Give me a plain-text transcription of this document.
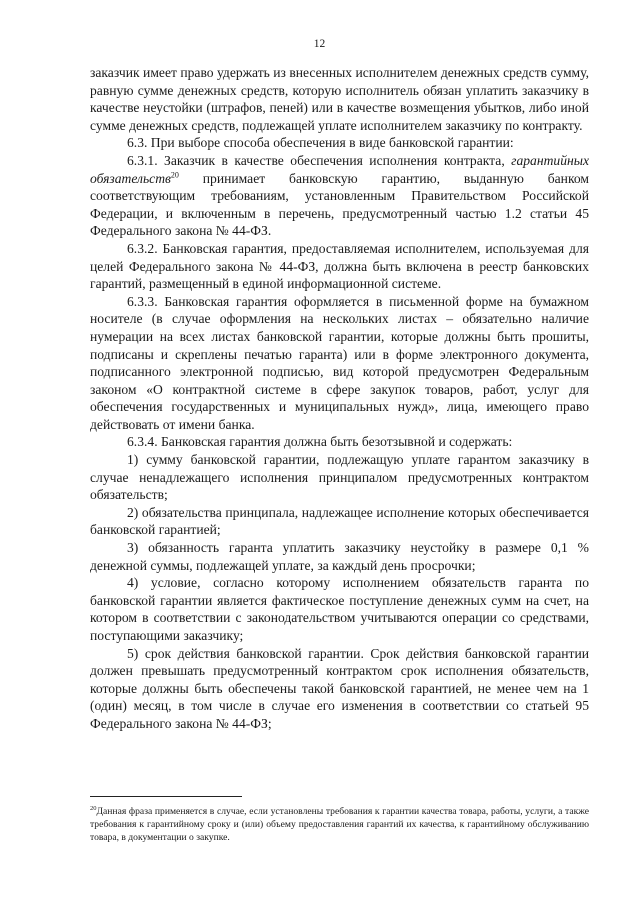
12

заказчик имеет право удержать из внесенных исполнителем денежных средств сумму, равную сумме денежных средств, которую исполнитель обязан уплатить заказчику в качестве неустойки (штрафов, пеней) или в качестве возмещения убытков, либо иной сумме денежных средств, подлежащей уплате исполнителем заказчику по контракту.

6.3. При выборе способа обеспечения в виде банковской гарантии:

6.3.1. Заказчик в качестве обеспечения исполнения контракта, гарантийных обязательств$^{20}$ принимает банковскую гарантию, выданную банком соответствующим требованиям, установленным Правительством Российской Федерации, и включенным в перечень, предусмотренный частью 1.2 статьи 45 Федерального закона № 44-ФЗ.

6.3.2. Банковская гарантия, предоставляемая исполнителем, используемая для целей Федерального закона № 44-ФЗ, должна быть включена в реестр банковских гарантий, размещенный в единой информационной системе.

6.3.3. Банковская гарантия оформляется в письменной форме на бумажном носителе (в случае оформления на нескольких листах – обязательно наличие нумерации на всех листах банковской гарантии, которые должны быть прошиты, подписаны и скреплены печатью гаранта) или в форме электронного документа, подписанного электронной подписью, вид которой предусмотрен Федеральным законом «О контрактной системе в сфере закупок товаров, работ, услуг для обеспечения государственных и муниципальных нужд», лица, имеющего право действовать от имени банка.

6.3.4. Банковская гарантия должна быть безотзывной и содержать:

1) сумму банковской гарантии, подлежащую уплате гарантом заказчику в случае ненадлежащего исполнения принципалом предусмотренных контрактом обязательств;

2) обязательства принципала, надлежащее исполнение которых обеспечивается банковской гарантией;

3) обязанность гаранта уплатить заказчику неустойку в размере 0,1 % денежной суммы, подлежащей уплате, за каждый день просрочки;

4) условие, согласно которому исполнением обязательств гаранта по банковской гарантии является фактическое поступление денежных сумм на счет, на котором в соответствии с законодательством учитываются операции со средствами, поступающими заказчику;

5) срок действия банковской гарантии. Срок действия банковской гарантии должен превышать предусмотренный контрактом срок исполнения обязательств, которые должны быть обеспечены такой банковской гарантией, не менее чем на 1 (один) месяц, в том числе в случае его изменения в соответствии со статьей 95 Федерального закона № 44-ФЗ;

$^{20}$Данная фраза применяется в случае, если установлены требования к гарантии качества товара, работы, услуги, а также требования к гарантийному сроку и (или) объему предоставления гарантий их качества, к гарантийному обслуживанию товара, в документации о закупке.
